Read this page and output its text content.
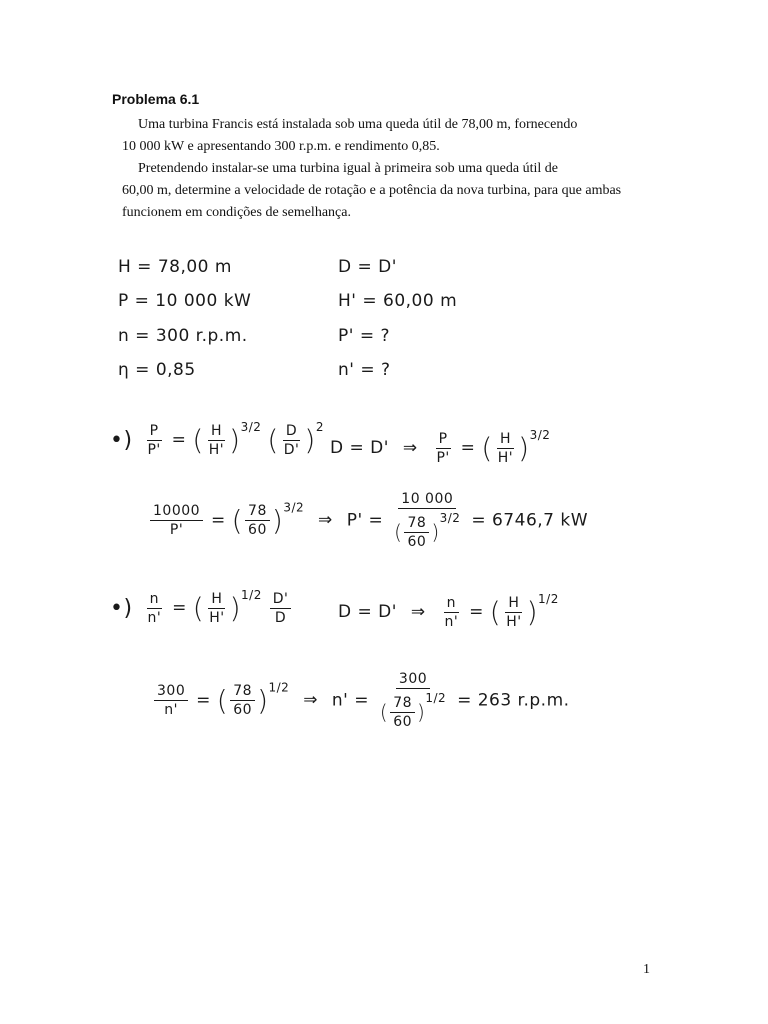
Problema 6.1
Uma turbina Francis está instalada sob uma queda útil de 78,00 m, fornecendo
10 000 kW e apresentando 300 r.p.m. e rendimento 0,85.
Pretendendo instalar-se uma turbina igual à primeira sob uma queda útil de
60,00 m, determine a velocidade de rotação e a potência da nova turbina, para que ambas
funcionem em condições de semelhança.
H = 78,00 m
P = 10 000 kW
n = 300 r.p.m.
η = 0,85
D = D'
H' = 60,00 m
P' = ?
n' = ?
•) $\frac{P}{P'}$ = ( $\frac{H}{H'} )^{3/2}$ ( $\frac{D}{D'} )^2$
D = D' ⇒ $\frac{P}{P'}$ = ( $\frac{H}{H'} )^{3/2}$
$\frac{10000}{P'}$ = ( $\frac{78}{60} )^{3/2}$ ⇒ $P' = \frac{10 000}{( \frac{78}{60} )3/2} = 6746,7$ kW
•) $\frac{n}{n'}$ = ( $\frac{H}{H'} )^{1/2} \frac{D'}{D}$	D = D' ⇒ $\frac{n}{n'}$ = ( $\frac{H}{H'} )^{1/2}$
$\frac{300}{n'}$ = ( $\frac{78}{60} )^{1/2}$ ⇒ $n' = \frac{300}{( \frac{78}{60} )1/2} = 263$ r.p.m.
1
